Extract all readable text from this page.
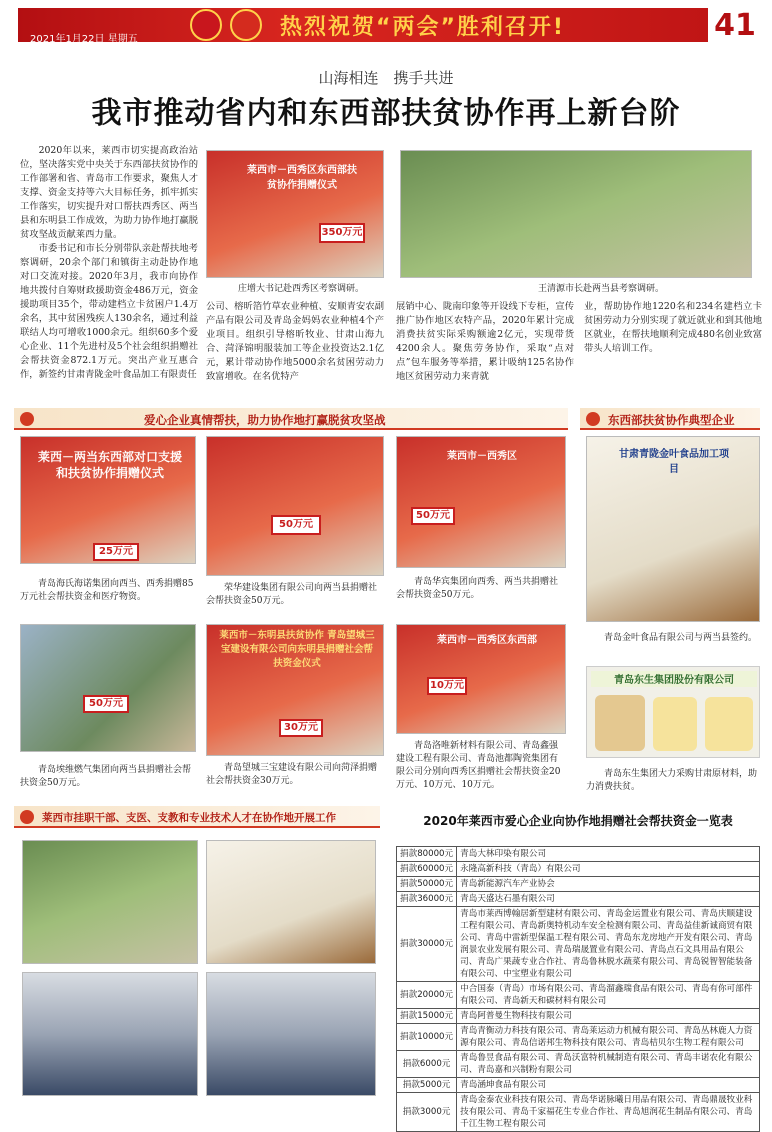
2021年1月22日 星期五	热烈祝贺“两会”胜利召开!	41
山海相连　携手共进
我市推动省内和东西部扶贫协作再上新台阶

2020年以来，莱西市切实提高政治站位，坚决落实党中央关于东西部扶贫协作的工作部署和省、青岛市工作要求，聚焦人才支撑、资金支持等六大目标任务，抓牢抓实工作落实，切实提升对口帮扶西秀区、两当县和东明县工作成效，为助力协作地打赢脱贫攻坚战贡献莱西力量。

市委书记和市长分别带队亲赴帮扶地考察调研，20余个部门和镇街主动赴协作地对口交流对接。2020年3月，我市向协作地共拨付自筹财政援助资金486万元，资金援助项目35个，带动建档立卡贫困户1.4万余名，其中贫困残疾人130余名，通过利益联结人均可增收1000余元。组织60多个爱心企业、11个先进村及5个社会组织捐赠社会帮扶资金872.1万元。突出产业互惠合作，新签约甘肃青陇金叶食品加工有限责任

莱西市－西秀区东西部扶贫协作捐赠仪式
350万元
庄增大书记赴西秀区考察调研。	王清源市长赴两当县考察调研。
公司、榕昕箔竹草农业种植、安顺青安农副产品有限公司及青岛金妈妈农业种植4个产业项目。组织引导榕昕牧业、甘肃山海九合、菏泽锦明服装加工等企业投资达2.1亿元，累计带动协作地5000余名贫困劳动力致富增收。在名优特产
展销中心、陇南印象等开设线下专柜，宣传推广协作地区农特产品，2020年累计完成消费扶贫实际采购额逾2亿元，实现带货4200余人。聚焦劳务协作，采取“点对点”包车服务等举措，累计吸纳125名协作地区贫困劳动力来青就
业，帮助协作地1220名和234名建档立卡贫困劳动力分别实现了就近就业和到其他地区就业，在帮扶地顺利完成480名创业致富带头人培训工作。
爱心企业真情帮扶，助力协作地打赢脱贫攻坚战
莱西－两当东西部对口支援和扶贫协作捐赠仪式
25万元
青岛海氏海诺集团向西当、西秀捐赠85万元社会帮扶资金和医疗物资。
50万元
荣华建设集团有限公司向两当县捐赠社会帮扶资金50万元。
莱西市－西秀区
50万元
青岛华宾集团向西秀、两当共捐赠社会帮扶资金50万元。
50万元
青岛埃维燃气集团向两当县捐赠社会帮扶资金50万元。
莱西市－东明县扶贫协作 青岛望城三宝建设有限公司向东明县捐赠社会帮扶资金仪式
30万元
青岛望城三宝建设有限公司向菏泽捐赠社会帮扶资金30万元。
莱西市－西秀区东西部
10万元
青岛洛唯新材料有限公司、青岛鑫强建设工程有限公司、青岛池都陶瓷集团有限公司分别向西秀区捐赠社会帮扶资金20万元、10万元、10万元。
东西部扶贫协作典型企业
甘肃青陇金叶食品加工项目
青岛金叶食品有限公司与两当县签约。
青岛东生集团股份有限公司
青岛东生集团大力采购甘肃原材料，助力消费扶贫。
莱西市挂职干部、支医、支教和专业技术人才在协作地开展工作	2020年莱西市爱心企业向协作地捐赠社会帮扶资金一览表
捐款80000元	青岛大林印染有限公司
捐款60000元	永隆高新科技（青岛）有限公司
捐款50000元	青岛新能源汽车产业协会
捐款36000元	青岛天盛达石墨有限公司
捐款30000元	青岛市莱西博翰居新型建材有限公司、青岛金运置业有限公司、青岛庆顺建设工程有限公司、青岛新奥特机动车安全检测有限公司、青岛益佳新诚商贸有限公司、青岛中雷新型保温工程有限公司、青岛东龙房地产开发有限公司、青岛润景农业发展有限公司、青岛瑞晟置业有限公司、青岛点石文具用品有限公司、青岛广果蔬专业合作社、青岛鲁林脱水蔬菜有限公司、青岛锐智智能装备有限公司、中宝塑业有限公司
捐款20000元	中合国泰（青岛）市场有限公司、青岛溜鑫瑞食品有限公司、青岛有你可部件有限公司、青岛新天和碳材料有限公司
捐款15000元	青岛阿普曼生物科技有限公司
捐款10000元	青岛青衡动力科技有限公司、青岛莱运动力机械有限公司、青岛丛林鹿人力资源有限公司、青岛信诺邦生物科技有限公司、青岛桔贝尔生物工程有限公司
捐款6000元	青岛鲁昱食品有限公司、青岛沃富特机械制造有限公司、青岛丰诺农化有限公司、青岛嘉和兴制粉有限公司
捐款5000元	青岛涵坤食品有限公司
捐款3000元	青岛金泰农业科技有限公司、青岛华诺脉曦日用品有限公司、青岛鼎晟牧业科技有限公司、青岛千家福花生专业合作社、青岛旭润花生制品有限公司、青岛千江生物工程有限公司
